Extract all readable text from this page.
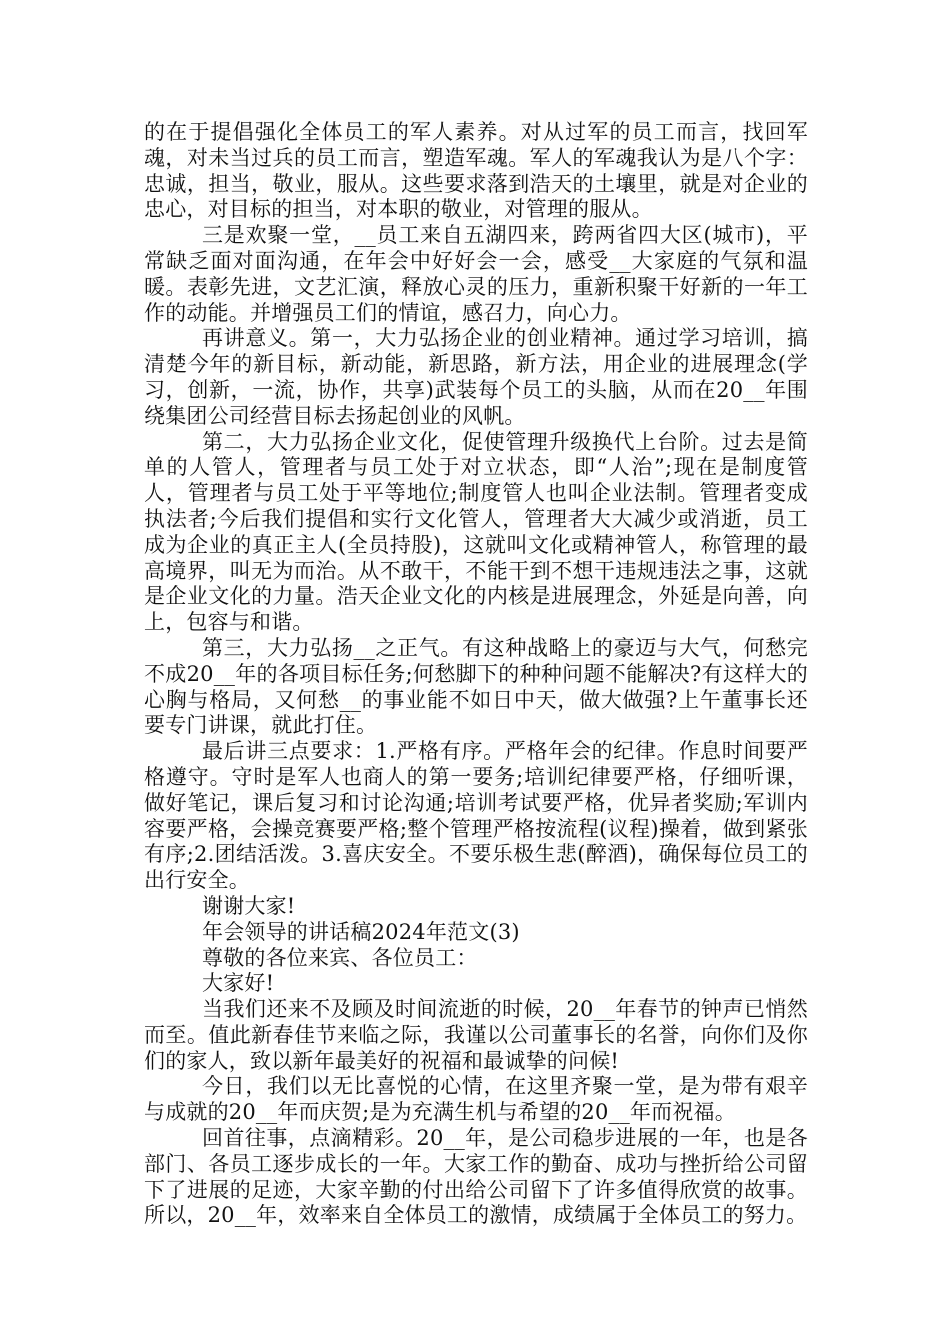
的在于提倡强化全体员工的军人素养。对从过军的员工而言，找回军魂，对未当过兵的员工而言，塑造军魂。军人的军魂我认为是八个字：忠诚，担当，敬业，服从。这些要求落到浩天的土壤里，就是对企业的忠心，对目标的担当，对本职的敬业，对管理的服从。

三是欢聚一堂，__员工来自五湖四来，跨两省四大区(城市)，平常缺乏面对面沟通，在年会中好好会一会，感受__大家庭的气氛和温暖。表彰先进，文艺汇演，释放心灵的压力，重新积聚干好新的一年工作的动能。并增强员工们的情谊，感召力，向心力。

再讲意义。第一，大力弘扬企业的创业精神。通过学习培训，搞清楚今年的新目标，新动能，新思路，新方法，用企业的进展理念(学习，创新，一流，协作，共享)武装每个员工的头脑，从而在20__年围绕集团公司经营目标去扬起创业的风帆。

第二，大力弘扬企业文化，促使管理升级换代上台阶。过去是简单的人管人，管理者与员工处于对立状态，即“人治”;现在是制度管人，管理者与员工处于平等地位;制度管人也叫企业法制。管理者变成执法者;今后我们提倡和实行文化管人，管理者大大减少或消逝，员工成为企业的真正主人(全员持股)，这就叫文化或精神管人，称管理的最高境界，叫无为而治。从不敢干，不能干到不想干违规违法之事，这就是企业文化的力量。浩天企业文化的内核是进展理念，外延是向善，向上，包容与和谐。

第三，大力弘扬__之正气。有这种战略上的豪迈与大气，何愁完不成20__年的各项目标任务;何愁脚下的种种问题不能解决?有这样大的心胸与格局，又何愁__的事业能不如日中天，做大做强?上午董事长还要专门讲课，就此打住。

最后讲三点要求：1.严格有序。严格年会的纪律。作息时间要严格遵守。守时是军人也商人的第一要务;培训纪律要严格，仔细听课，做好笔记，课后复习和讨论沟通;培训考试要严格，优异者奖励;军训内容要严格，会操竞赛要严格;整个管理严格按流程(议程)操着，做到紧张有序;2.团结活泼。3.喜庆安全。不要乐极生悲(醉酒)，确保每位员工的出行安全。

谢谢大家!

年会领导的讲话稿2024年范文(3)

尊敬的各位来宾、各位员工：

大家好!

当我们还来不及顾及时间流逝的时候，20__年春节的钟声已悄然而至。值此新春佳节来临之际，我谨以公司董事长的名誉，向你们及你们的家人，致以新年最美好的祝福和最诚挚的问候!

今日，我们以无比喜悦的心情，在这里齐聚一堂，是为带有艰辛与成就的20__年而庆贺;是为充满生机与希望的20__年而祝福。

回首往事，点滴精彩。20__年，是公司稳步进展的一年，也是各部门、各员工逐步成长的一年。大家工作的勤奋、成功与挫折给公司留下了进展的足迹，大家辛勤的付出给公司留下了许多值得欣赏的故事。所以，20__年，效率来自全体员工的激情，成绩属于全体员工的努力。
